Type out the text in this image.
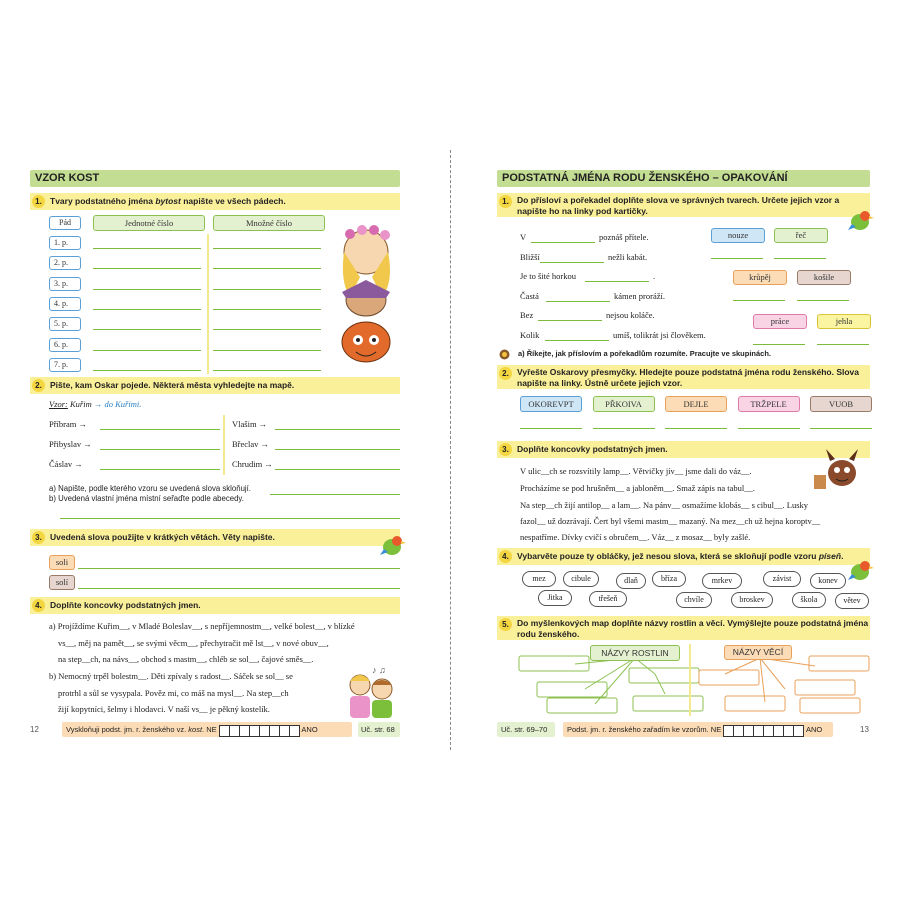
VZOR KOST
1. Tvary podstatného jména bytost napište ve všech pádech.
Pád	Jednotné číslo	Množné číslo
1. p.
2. p.
3. p.
4. p.
5. p.
6. p.
7. p.
2. Pište, kam Oskar pojede. Některá města vyhledejte na mapě.
Vzor: Kuřim → do Kuřimi.
Příbram →
Přibyslav →
Čáslav →
Vlašim →
Břeclav →
Chrudim →
a) Napište, podle kterého vzoru se uvedená slova skloňují.
b) Uvedená vlastní jména místní seřaďte podle abecedy.
3. Uvedená slova použijte v krátkých větách. Věty napište.
soli
solí
4. Doplňte koncovky podstatných jmen.
a) Projíždíme Kuřim__, v Mladé Boleslav__, s nepříjemnostm__, velké bolest__, v blízké
vs__, měj na pamět__, se svými věcm__, přechytračit mě lst__, v nové obuv__,
na step__ch, na návs__, obchod s mastm__, chléb se sol__, čajové směs__.
b) Nemocný trpěl bolestm__. Děti zpívaly s radost__. Sáček se sol__ se
protrhl a sůl se vysypala. Pověz mi, co máš na mysl__. Na step__ch
žijí kopytníci, šelmy i hlodavci. V naší vs__ je pěkný kostelík.
♪ ♫
12	Vyskloňuji podst. jm. r. ženského vz. kost. NE	ANO	Uč. str. 68
PODSTATNÁ JMÉNA RODU ŽENSKÉHO – OPAKOVÁNÍ
1. Do přísloví a pořekadel doplňte slova ve správných tvarech. Určete jejich vzor a napište ho na linky pod kartičky.
V	poznáš přítele.
Bližší	nežli kabát.
Je to šité horkou	.
Častá	kámen proráží.
Bez	nejsou koláče.
Kolik	umíš, tolikrát jsi člověkem.
nouze	řeč
krůpěj	košile
práce	jehla
a) Říkejte, jak příslovím a pořekadlům rozumíte. Pracujte ve skupinách.
2. Vyřešte Oskarovy přesmyčky. Hledejte pouze podstatná jména rodu ženského. Slova napište na linky. Ústně určete jejich vzor.
OKOREVPT	PŘKOIVA	DEJLE	TRŽPELE	VUOB
3. Doplňte koncovky podstatných jmen.
V ulic__ch se rozsvítily lamp__. Větvičky jív__ jsme dali do váz__.
Procházíme se pod hrušněm__ a jabloněm__. Smaž zápis na tabul__.
Na step__ch žijí antilop__ a lam__. Na pánv__ osmažíme klobás__ s cibul__. Lusky
fazol__ už dozrávají. Čert byl všemi mastm__ mazaný. Na mez__ch už hejna koroptv__
nespatříme. Dívky cvičí s obručem__. Váz__ z mosaz__ byly zašlé.
4. Vybarvěte pouze ty obláčky, jež nesou slova, která se skloňují podle vzoru píseň.
mez	cibule	dlaň	bříza	mrkev	závist	konev
Jitka	třešeň	chvíle	broskev	škola	větev
5. Do myšlenkových map doplňte názvy rostlin a věcí. Vymýšlejte pouze podstatná jména rodu ženského.
NÁZVY ROSTLIN	NÁZVY VĚCÍ
Uč. str. 69–70	Podst. jm. r. ženského zařadím ke vzorům. NE	ANO	13
